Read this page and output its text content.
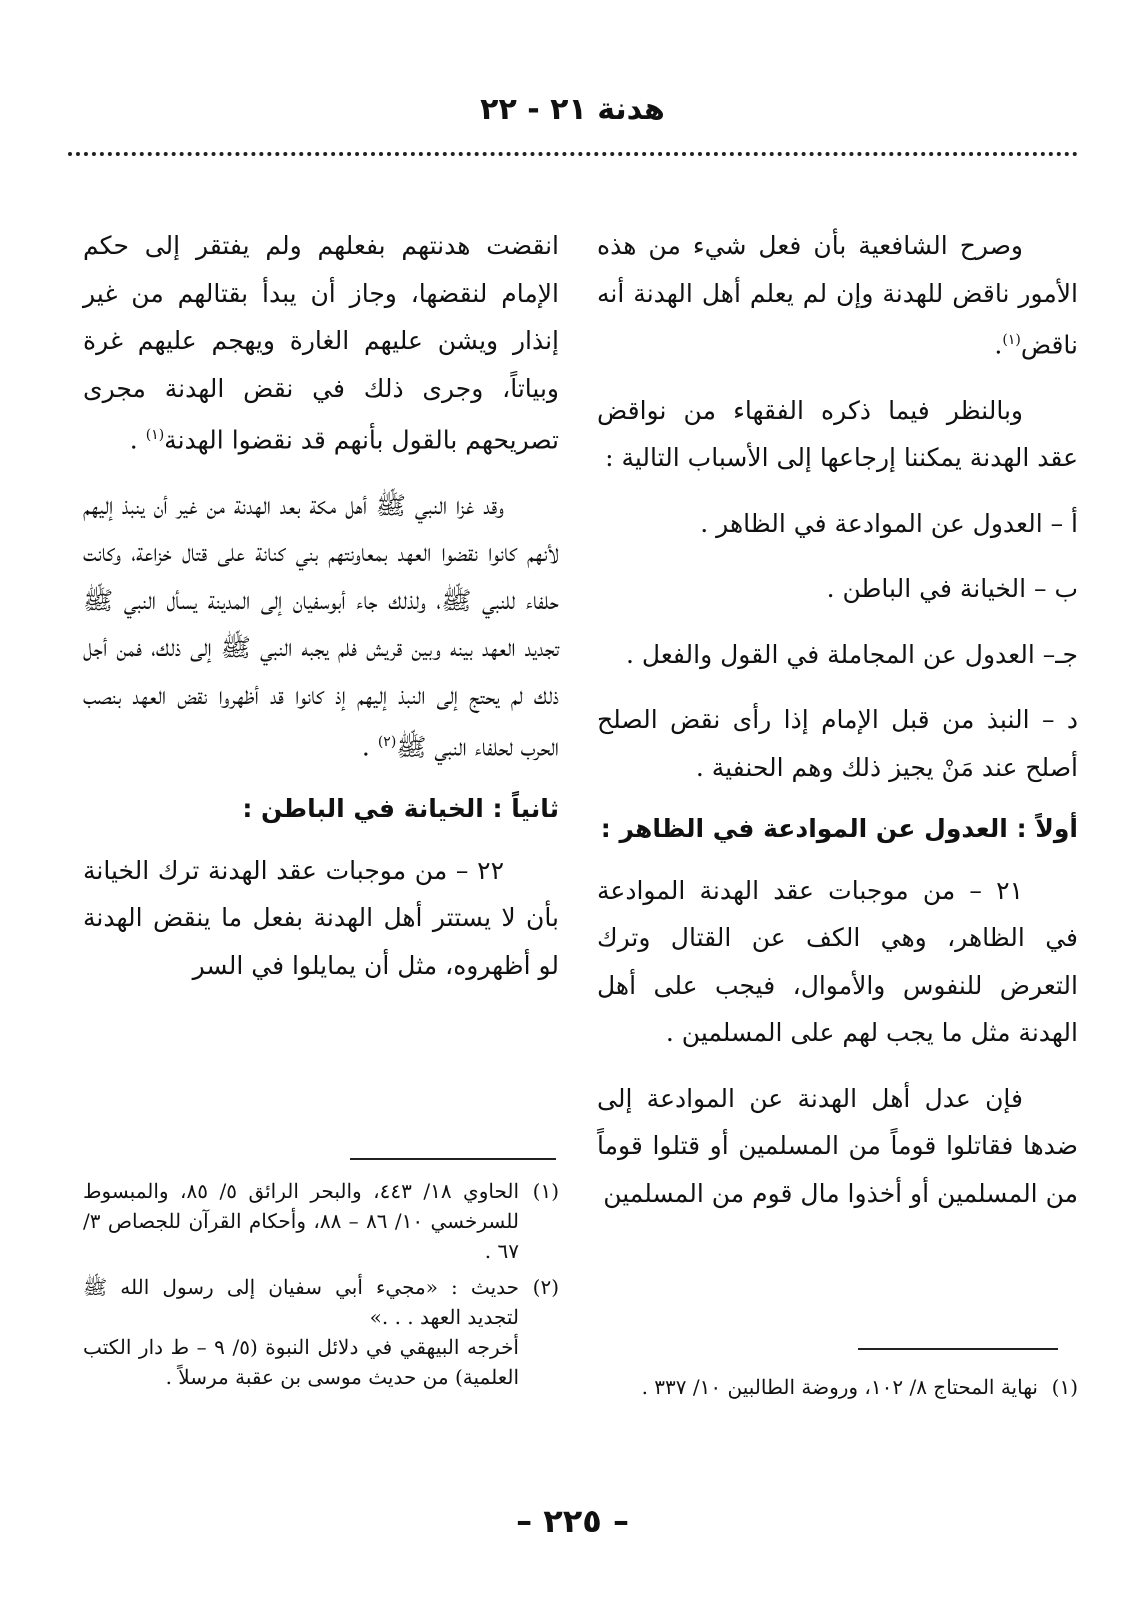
هدنة ٢١ - ٢٢

وصرح الشافعية بأن فعل شيء من هذه الأمور ناقض للهدنة وإن لم يعلم أهل الهدنة أنه ناقض$^{(١)}$.

وبالنظر فيما ذكره الفقهاء من نواقض عقد الهدنة يمكننا إرجاعها إلى الأسباب التالية :

أ – العدول عن الموادعة في الظاهر .

ب – الخيانة في الباطن .

جـ– العدول عن المجاملة في القول والفعل .

د – النبذ من قبل الإمام إذا رأى نقض الصلح أصلح عند مَنْ يجيز ذلك وهم الحنفية .

أولاً : العدول عن الموادعة في الظاهر :

٢١ – من موجبات عقد الهدنة الموادعة في الظاهر، وهي الكف عن القتال وترك التعرض للنفوس والأموال، فيجب على أهل الهدنة مثل ما يجب لهم على المسلمين .

فإن عدل أهل الهدنة عن الموادعة إلى ضدها فقاتلوا قوماً من المسلمين أو قتلوا قوماً من المسلمين أو أخذوا مال قوم من المسلمين

(١)
نهاية المحتاج ٨/ ١٠٢، وروضة الطالبين ١٠/ ٣٣٧ .

انقضت هدنتهم بفعلهم ولم يفتقر إلى حكم الإمام لنقضها، وجاز أن يبدأ بقتالهم من غير إنذار ويشن عليهم الغارة ويهجم عليهم غرة وبياتاً، وجرى ذلك في نقض الهدنة مجرى تصريحهم بالقول بأنهم قد نقضوا الهدنة$^{(١)}$ .

وقد غزا النبي ﷺ أهل مكة بعد الهدنة من غير أن ينبذ إليهم لأنهم كانوا نقضوا العهد بمعاونتهم بني كنانة على قتال خزاعة، وكانت حلفاء للنبي ﷺ، ولذلك جاء أبوسفيان إلى المدينة يسأل النبي ﷺ تجديد العهد بينه وبين قريش فلم يجبه النبي ﷺ إلى ذلك، فمن أجل ذلك لم يحتج إلى النبذ إليهم إذ كانوا قد أظهروا نقض العهد بنصب الحرب لحلفاء النبي ﷺ$^{(٢)}$ .

ثانياً : الخيانة في الباطن :

٢٢ – من موجبات عقد الهدنة ترك الخيانة بأن لا يستتر أهل الهدنة بفعل ما ينقض الهدنة لو أظهروه، مثل أن يمايلوا في السر

(١)
الحاوي ١٨/ ٤٤٣، والبحر الرائق ٥/ ٨٥، والمبسوط للسرخسي ١٠/ ٨٦ – ٨٨، وأحكام القرآن للجصاص ٣/ ٦٧ .
(٢)
حديث : «مجيء أبي سفيان إلى رسول الله ﷺ لتجديد العهد . . .»
أخرجه البيهقي في دلائل النبوة (٥/ ٩ – ط دار الكتب العلمية) من حديث موسى بن عقبة مرسلاً .
– ٢٢٥ –
